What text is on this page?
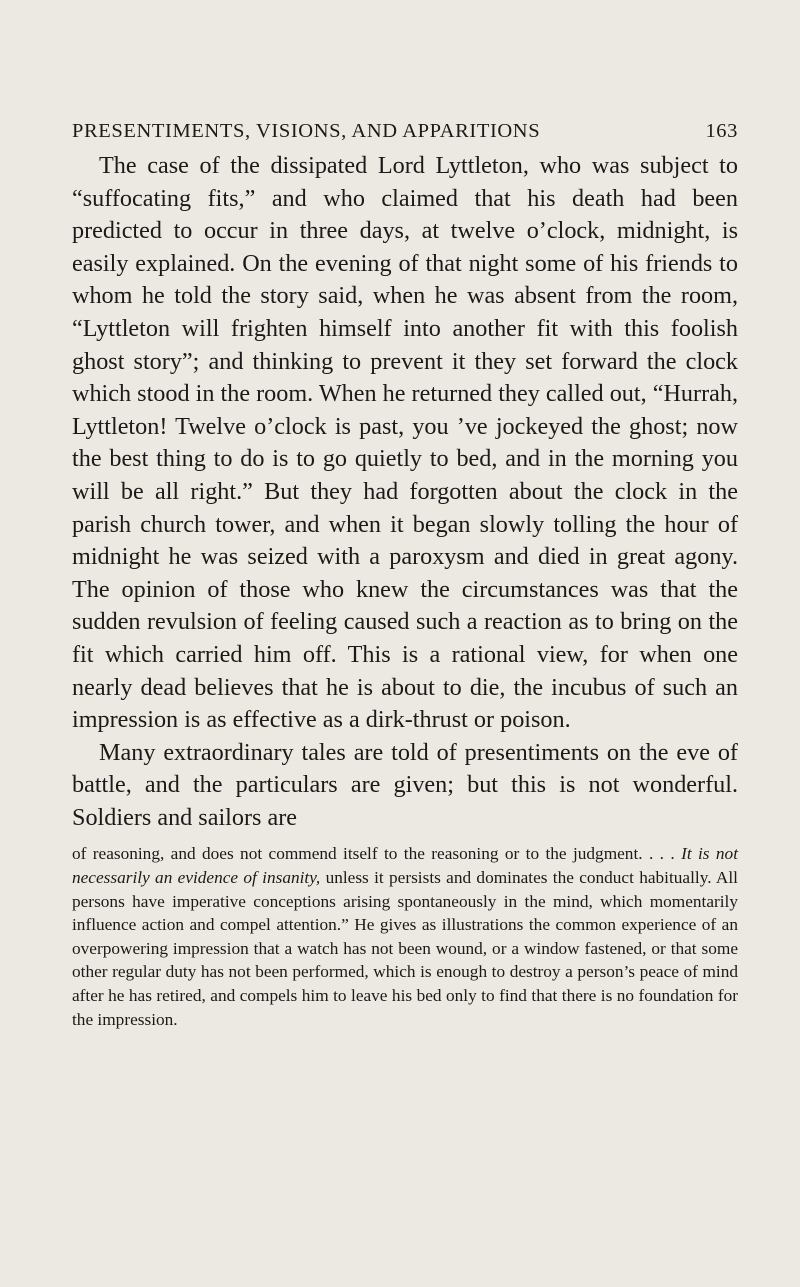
PRESENTIMENTS, VISIONS, AND APPARITIONS	163

The case of the dissipated Lord Lyttleton, who was subject to “suffocating fits,” and who claimed that his death had been predicted to occur in three days, at twelve o’clock, midnight, is easily explained. On the evening of that night some of his friends to whom he told the story said, when he was absent from the room, “Lyttleton will frighten himself into another fit with this foolish ghost story”; and thinking to prevent it they set forward the clock which stood in the room. When he returned they called out, “Hurrah, Lyttleton! Twelve o’clock is past, you ’ve jockeyed the ghost; now the best thing to do is to go quietly to bed, and in the morning you will be all right.” But they had forgotten about the clock in the parish church tower, and when it began slowly tolling the hour of midnight he was seized with a paroxysm and died in great agony. The opinion of those who knew the circumstances was that the sudden revulsion of feeling caused such a reaction as to bring on the fit which carried him off. This is a rational view, for when one nearly dead believes that he is about to die, the incubus of such an impression is as effective as a dirk-thrust or poison.

Many extraordinary tales are told of presentiments on the eve of battle, and the particulars are given; but this is not wonderful. Soldiers and sailors are

of reasoning, and does not commend itself to the reasoning or to the judgment. . . . It is not necessarily an evidence of insanity, unless it persists and dominates the conduct habitually. All persons have imperative conceptions arising spontaneously in the mind, which momentarily influence action and compel attention.” He gives as illustrations the common experience of an overpowering impression that a watch has not been wound, or a window fastened, or that some other regular duty has not been performed, which is enough to destroy a person’s peace of mind after he has retired, and compels him to leave his bed only to find that there is no foundation for the impression.
